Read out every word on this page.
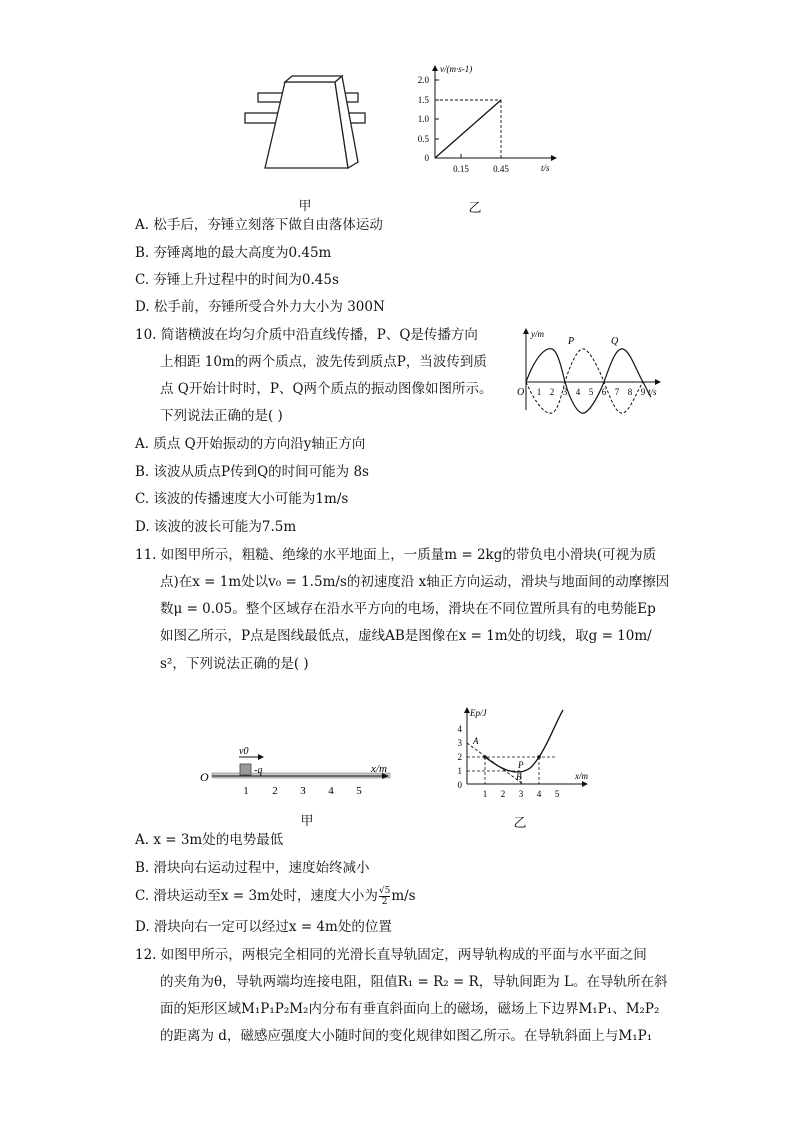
2.0
1.5
1.0
0.5
0
0.15	0.45
v/(m·s-1)
t/s
甲	乙
A. 松手后，夯锤立刻落下做自由落体运动
B. 夯锤离地的最大高度为0.45m
C. 夯锤上升过程中的时间为0.45s
D. 松手前，夯锤所受合外力大小为 300N
10. 简谐横波在均匀介质中沿直线传播，P、Q是传播方向
上相距 10m的两个质点，波先传到质点P，当波传到质
点 Q开始计时时，P、Q两个质点的振动图像如图所示。
下列说法正确的是( )
y/m
t/s
O 1 2 3 4 5 6 7 8 9
P	Q
A. 质点 Q开始振动的方向沿y轴正方向
B. 该波从质点P传到Q的时间可能为 8s
C. 该波的传播速度大小可能为1m/s
D. 该波的波长可能为7.5m
11. 如图甲所示，粗糙、绝缘的水平地面上，一质量m = 2kg的带负电小滑块(可视为质
点)在x = 1m处以v₀ = 1.5m/s的初速度沿 x轴正方向运动，滑块与地面间的动摩擦因
数μ = 0.05。整个区域存在沿水平方向的电场，滑块在不同位置所具有的电势能Ep
如图乙所示，P点是图线最低点，虚线AB是图像在x = 1m处的切线，取g = 10m/
s²，下列说法正确的是( )
O
x/m
v0
-q
1 2 3 4 5
甲
Ep/J
x/m
4
3
2
1
0
1 2 3 4 5
A
B
P
乙
A. x = 3m处的电势最低
B. 滑块向右运动过程中，速度始终减小
C. 滑块运动至x = 3m处时，速度大小为 $\frac{√5}{2} m/s$
D. 滑块向右一定可以经过x = 4m处的位置
12. 如图甲所示，两根完全相同的光滑长直导轨固定，两导轨构成的平面与水平面之间
的夹角为θ，导轨两端均连接电阻，阻值R₁ = R₂ = R，导轨间距为 L。在导轨所在斜
面的矩形区域M₁P₁P₂M₂内分布有垂直斜面向上的磁场，磁场上下边界M₁P₁、M₂P₂
的距离为 d，磁感应强度大小随时间的变化规律如图乙所示。在导轨斜面上与M₁P₁
